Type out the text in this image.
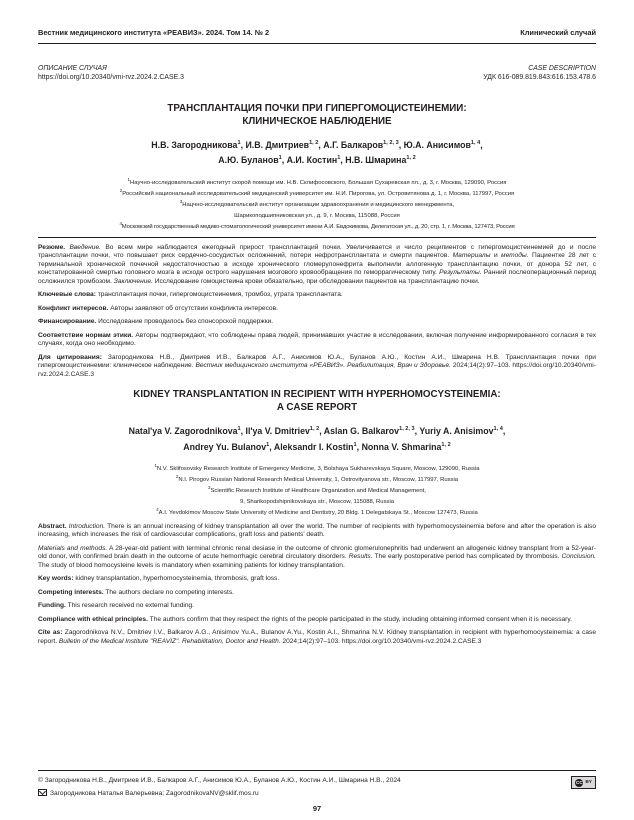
Вестник медицинского института «РЕАВИЗ». 2024. Том 14. № 2	Клинический случай
ОПИСАНИЕ СЛУЧАЯ
https://doi.org/10.20340/vmi-rvz.2024.2.CASE.3
CASE DESCRIPTION
УДК 616-089.819.843:616.153.478.6
ТРАНСПЛАНТАЦИЯ ПОЧКИ ПРИ ГИПЕРГОМОЦИСТЕИНЕМИИ:
КЛИНИЧЕСКОЕ НАБЛЮДЕНИЕ
Н.В. Загородникова$^1$, И.В. Дмитриев$^{1, 2}$, А.Г. Балкаров$^{1, 2, 3}$, Ю.А. Анисимов$^{1, 4}$,
А.Ю. Буланов$^1$, А.И. Костин$^1$, Н.В. Шмарина$^{1, 2}$
$^1$Научно-исследовательский институт скорой помощи им. Н.В. Склифосовского, Большая Сухаревская пл., д. 3, г. Москва, 129090, Россия
$^2$Российский национальный исследовательский медицинский университет им. Н.И. Пирогова, ул. Островитянова д. 1, г. Москва, 117997, Россия
$^3$Нацчно-исследовательский институт организации здравоохранения и медицинского менеджмента,
Шарикоподшипниковская ул., д. 9, г. Москва, 115088, Россия
$^4$Московский государственный медико-стоматологический университет имени А.И. Евдокимова, Делегатская ул., д. 20, стр. 1, г. Москва, 127473, Россия

Резюме. Введение. Во всем мире наблюдается ежегодный прирост трансплантаций почки. Увеличивается и число реципиентов с гипергомоцистеинемией до и после трансплантации почки, что повышает риск сердечно-сосудистых осложнений, потери нефротрансплантата и смерти пациентов. Материалы и методы. Пациентке 28 лет с терминальной хронической почечной недостаточностью в исходе хронического гломерулонефрита выполнили аллогенную трансплантацию почки, от донора 52 лет, с констатированной смертью головного мозга в исходе острого нарушения мозгового кровообращения по геморрагическому типу. Результаты. Ранний послеоперационный период осложнился тромбозом. Заключение. Исследование гомоцистеина крови обязательно, при обследовании пациентов на трансплантацию почки.

Ключевые слова: трансплантация почки, гипергомоцистеинемия, тромбоз, утрата трансплантата.

Конфликт интересов. Авторы заявляют об отсутствии конфликта интересов.

Финансирование. Исследование проводилось без спонсорской поддержки.

Соответствие нормам этики. Авторы подтверждают, что соблюдены права людей, принимавших участие в исследовании, включая получение информированного согласия в тех случаях, когда оно необходимо.

Для цитирования: Загородникова Н.В., Дмитриев И.В., Балкаров А.Г., Анисимов Ю.А., Буланов А.Ю., Костин А.И., Шмарина Н.В. Трансплантация почки при гипергомоцистеинемии: клиническое наблюдение. Вестник медицинского института «РЕАВИЗ». Реабилитация, Врач и Здоровье. 2024;14(2):97–103. https://doi.org/10.20340/vmi-rvz.2024.2.CASE.3

KIDNEY TRANSPLANTATION IN RECIPIENT WITH HYPERHOMOCYSTEINEMIA:
A CASE REPORT
Natal'ya V. Zagorodnikova$^1$, Il'ya V. Dmitriev$^{1, 2}$, Aslan G. Balkarov$^{1, 2, 3}$, Yuriy A. Anisimov$^{1, 4}$,
Andrey Yu. Bulanov$^1$, Aleksandr I. Kostin$^1$, Nonna V. Shmarina$^{1, 2}$
$^1$N.V. Sklifosovsky Research Institute of Emergency Medicine, 3, Bolshaya Sukharevskaya Square, Moscow, 129090, Russia
$^2$N.I. Pirogov Russian National Research Medical University, 1, Ostrovityanova str., Moscow, 117997, Russia
$^3$Scientific Research Institute of Healthcare Organization and Medical Management,
9, Sharikopodshipnikovskaya str., Moscow, 115088, Russia
$^4$A.I. Yevdokimov Moscow State University of Medicine and Dentistry, 20 Bldg. 1 Delegatskaya St., Moscow 127473, Russia

Abstract. Introduction. There is an annual increasing of kidney transplantation all over the world. The number of recipients with hyperhomocysteinemia before and after the operation is also increasing, which increases the risk of cardiovascular complications, graft loss and patients' death.

Materials and methods. A 28-year-old patient with terminal chronic renal desiase in the outcome of chronic glomerulonephritis had underwent an allogeneic kidney transplant from a 52-year-old donor, with confirmed brain death in the outcome of acute hemorrhagic cerebral circulatory disorders. Results. The early postoperative period has complicated by thrombosis. Conclusion. The study of blood homocysteine levels is mandatory when examining patients for kidney transplantation.

Key words: kidney transplantation, hyperhomocysteinemia, thrombosis, graft loss.

Competing interests. The authors declare no competing interests.

Funding. This research received no external funding.

Compliance with ethical principles. The authors confirm that they respect the rights of the people participated in the study, including obtaining informed consent when it is necessary.

Cite as: Zagorodnikova N.V., Dmitriev I.V., Balkarov A.G., Anisimov Yu.A., Bulanov A.Yu., Kostin A.I., Shmarina N.V. Kidney transplantation in recipient with hyperhomocysteinemia: a case report. Bulletin of the Medical Institute "REAVIZ". Rehabilitation, Doctor and Health. 2024;14(2):97–103. https://doi.org/10.20340/vmi-rvz.2024.2.CASE.3

© Загородникова Н.В., Дмитриев И.В., Балкаров А.Г., Анисимов Ю.А., Буланов А.Ю., Костин А.И., Шмарина Н.В., 2024	CC BY
Загородникова Наталья Валерьевна; ZagorodnikovaNV@sklif.mos.ru
97
